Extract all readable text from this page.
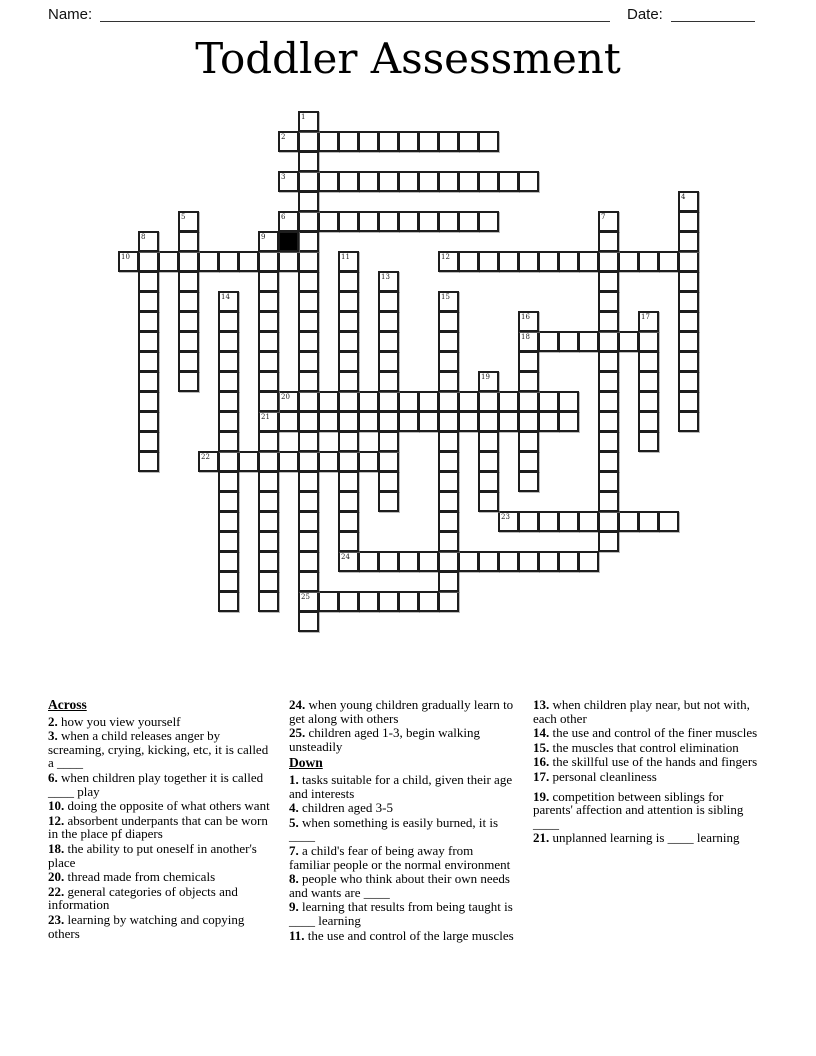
Name:	Date:
Toddler Assessment
1
2
3
4
5	6	7
8	9
10	11	12
13
14	15
16	17
18
19
20
21
22
23
24
25
Across
2. how you view yourself
3. when a child releases anger by screaming, crying, kicking, etc, it is called a ____
6. when children play together it is called ____ play
10. doing the opposite of what others want
12. absorbent underpants that can be worn in the place pf diapers
18. the ability to put oneself in another's place
20. thread made from chemicals
22. general categories of objects and information
23. learning by watching and copying others
24. when young children gradually learn to get along with others
25. children aged 1-3, begin walking unsteadily
Down
1. tasks suitable for a child, given their age and interests
4. children aged 3-5
5. when something is easily burned, it is ____
7. a child's fear of being away from familiar people or the normal environment
8. people who think about their own needs and wants are ____
9. learning that results from being taught is ____ learning
11. the use and control of the large muscles
13. when children play near, but not with, each other
14. the use and control of the finer muscles
15. the muscles that control elimination
16. the skillful use of the hands and fingers
17. personal cleanliness
19. competition between siblings for parents' affection and attention is sibling ____
21. unplanned learning is ____ learning
